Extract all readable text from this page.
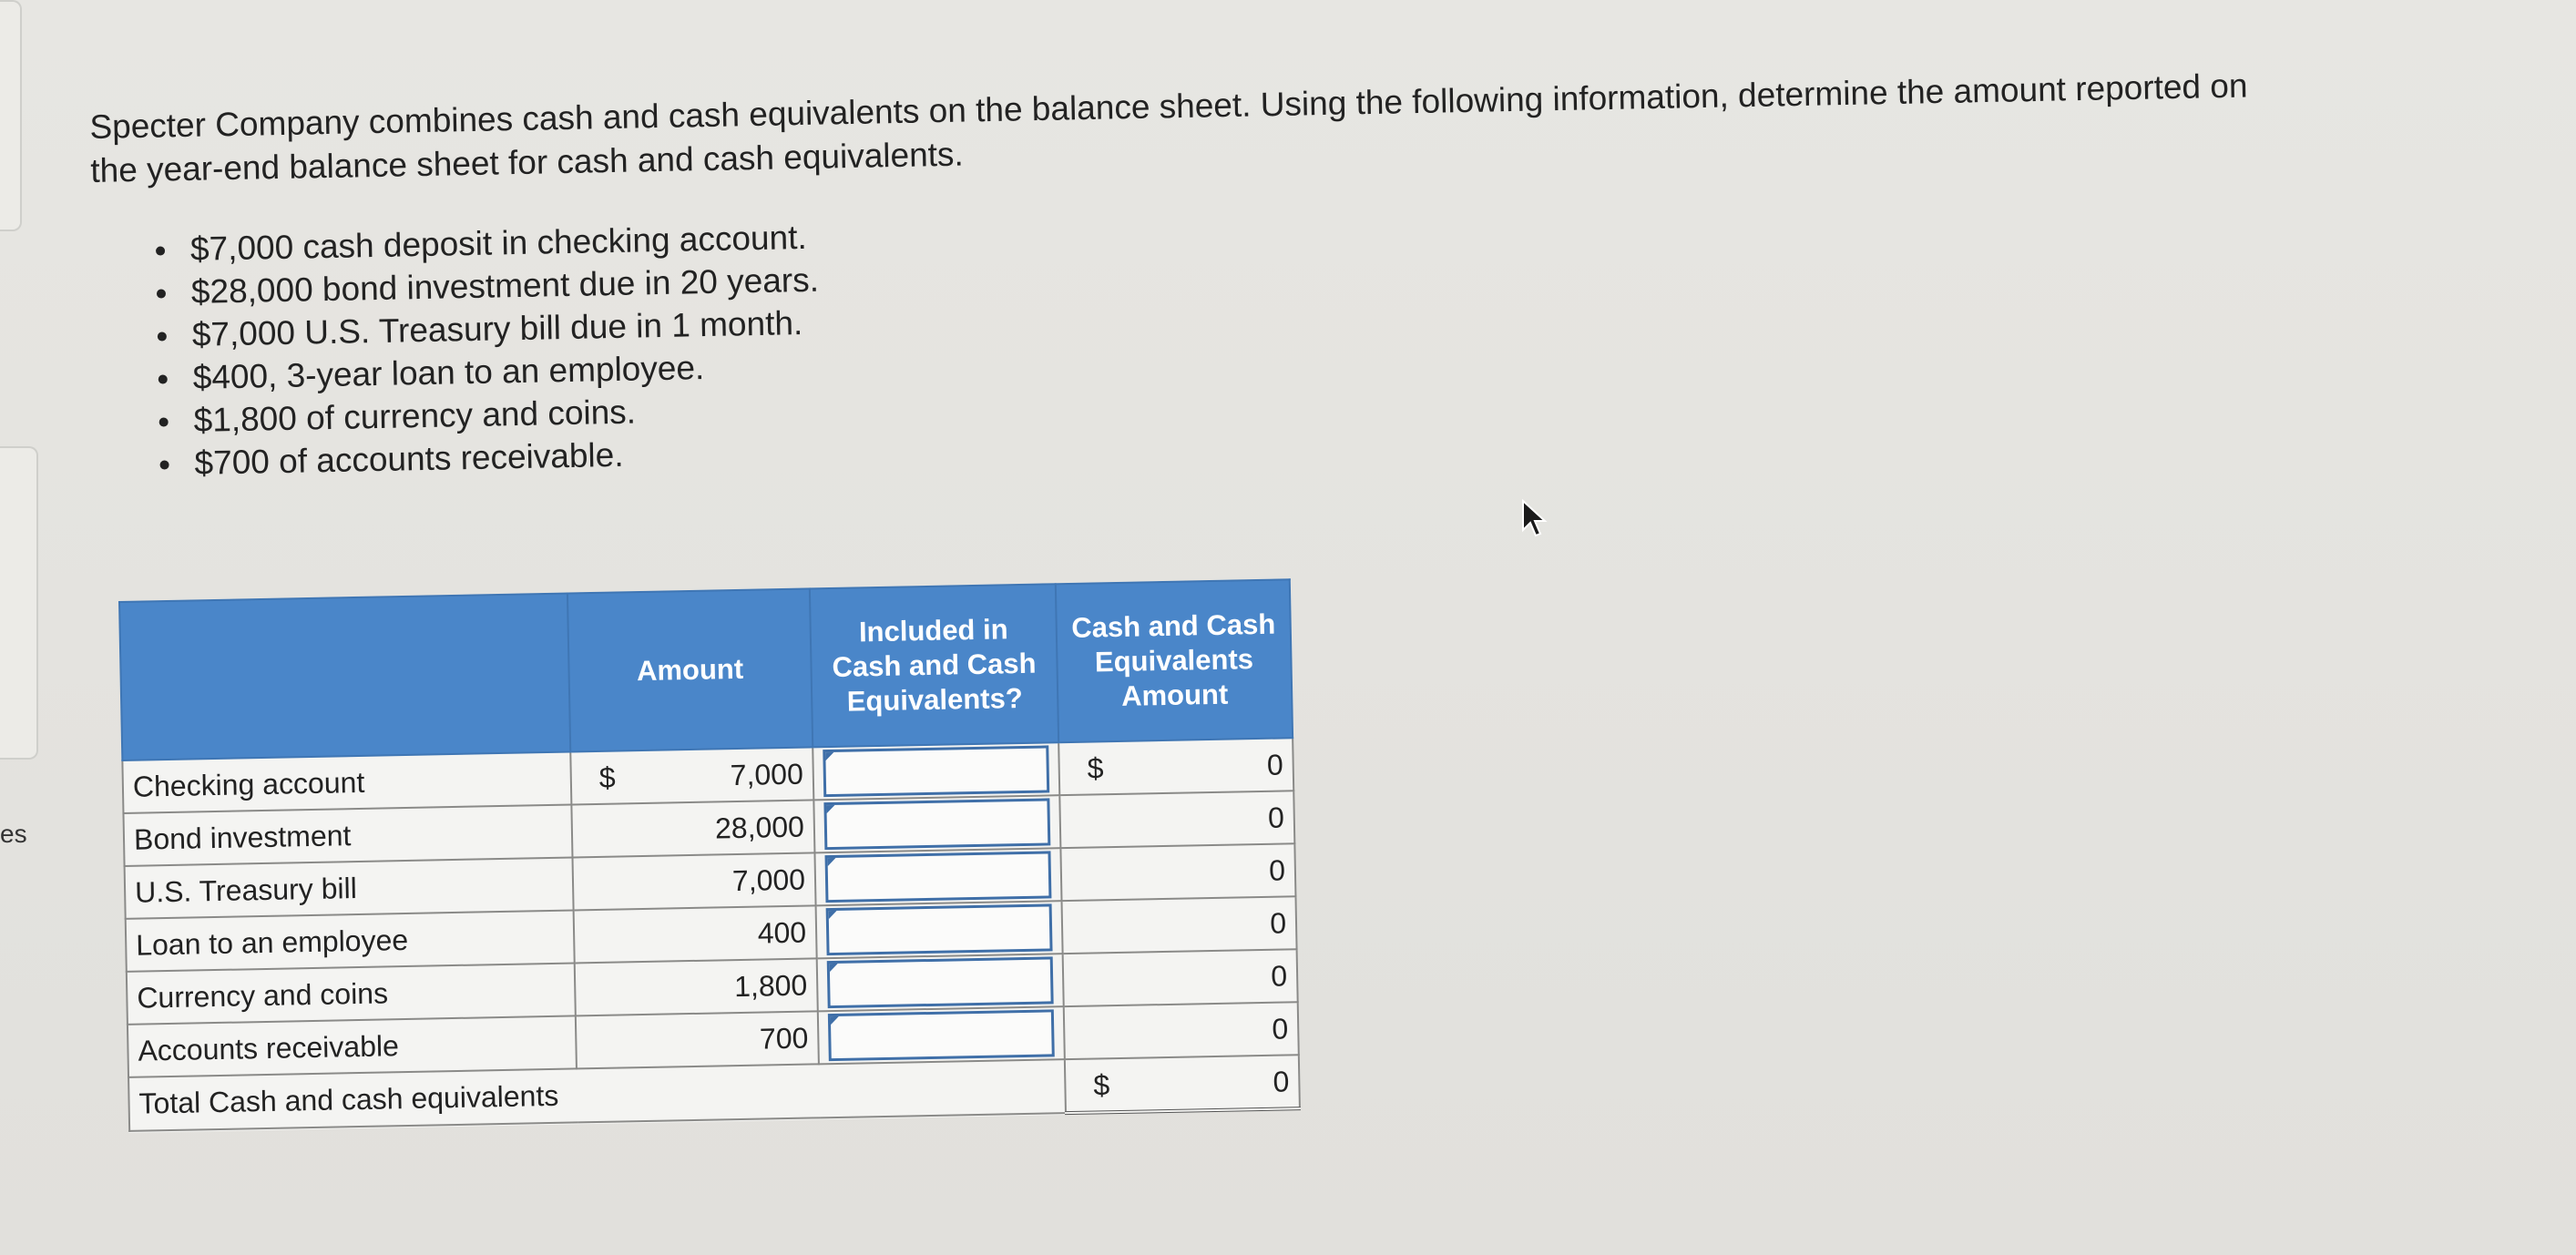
es

Specter Company combines cash and cash equivalents on the balance sheet. Using the following information, determine the amount reported on the year-end balance sheet for cash and cash equivalents.

$7,000 cash deposit in checking account.
$28,000 bond investment due in 20 years.
$7,000 U.S. Treasury bill due in 1 month.
$400, 3-year loan to an employee.
$1,800 of currency and coins.
$700 of accounts receivable.
	Amount	Included in Cash and Cash Equivalents?	Cash and Cash Equivalents Amount
Checking account	$ 7,000		$ 0
Bond investment	28,000		0
U.S. Treasury bill	7,000		0
Loan to an employee	400		0
Currency and coins	1,800		0
Accounts receivable	700		0
Total Cash and cash equivalents			$ 0
